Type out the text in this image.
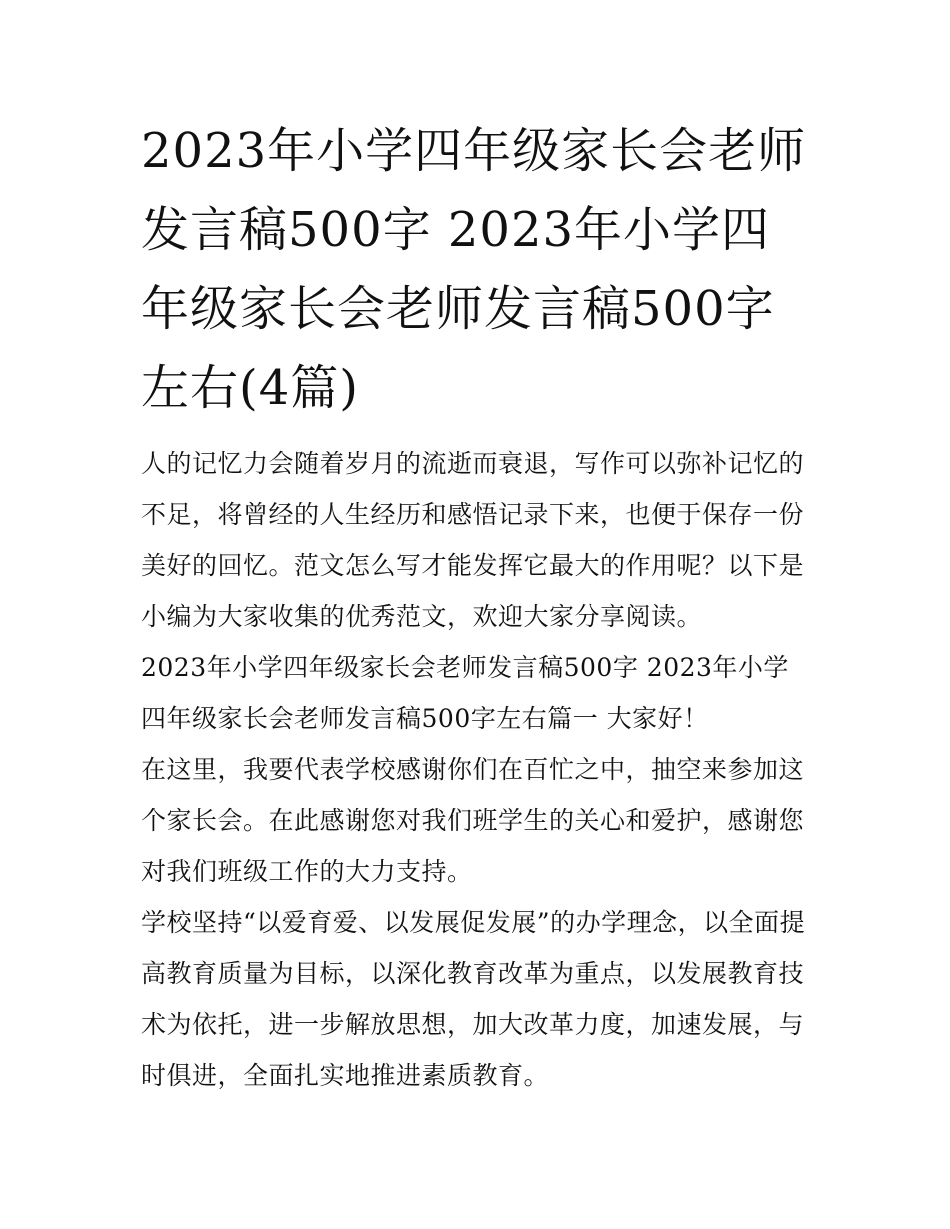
2023年小学四年级家长会老师发言稿500字 2023年小学四年级家长会老师发言稿500字左右(4篇)

人的记忆力会随着岁月的流逝而衰退，写作可以弥补记忆的不足，将曾经的人生经历和感悟记录下来，也便于保存一份美好的回忆。范文怎么写才能发挥它最大的作用呢？以下是小编为大家收集的优秀范文，欢迎大家分享阅读。

2023年小学四年级家长会老师发言稿500字 2023年小学四年级家长会老师发言稿500字左右篇一 大家好！

在这里，我要代表学校感谢你们在百忙之中，抽空来参加这个家长会。在此感谢您对我们班学生的关心和爱护，感谢您对我们班级工作的大力支持。

学校坚持“以爱育爱、以发展促发展”的办学理念，以全面提高教育质量为目标，以深化教育改革为重点，以发展教育技术为依托，进一步解放思想，加大改革力度，加速发展，与时俱进，全面扎实地推进素质教育。
